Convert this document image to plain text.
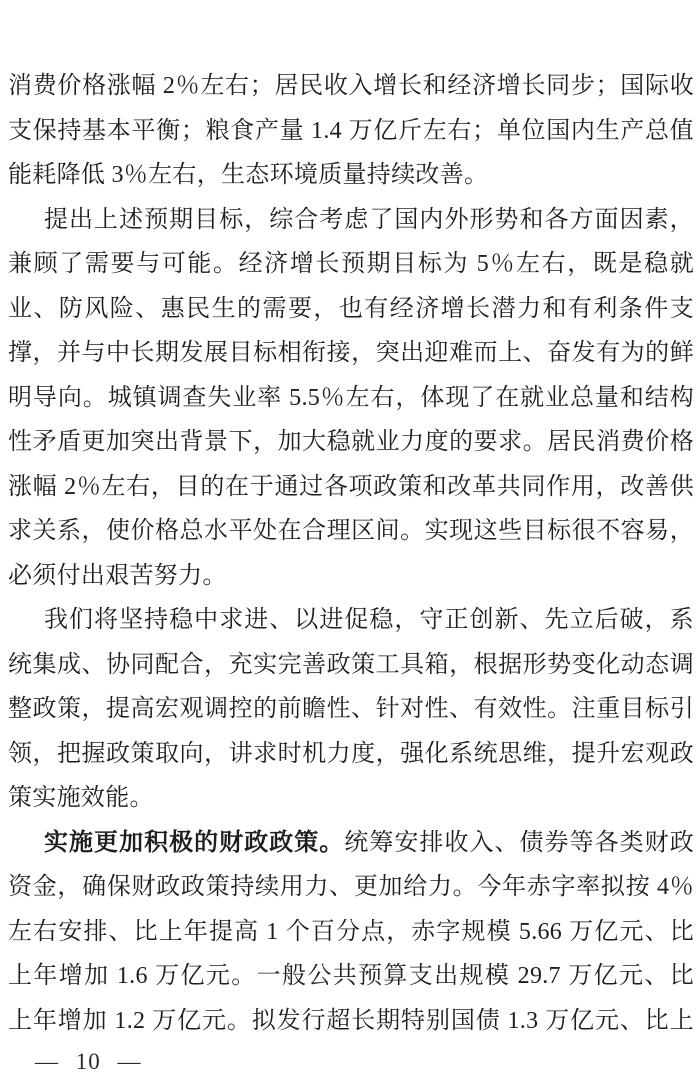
消费价格涨幅 2％左右；居民收入增长和经济增长同步；国际收
支保持基本平衡；粮食产量 1.4 万亿斤左右；单位国内生产总值
能耗降低 3％左右，生态环境质量持续改善。
提出上述预期目标，综合考虑了国内外形势和各方面因素，
兼顾了需要与可能。经济增长预期目标为 5％左右，既是稳就
业、防风险、惠民生的需要，也有经济增长潜力和有利条件支
撑，并与中长期发展目标相衔接，突出迎难而上、奋发有为的鲜
明导向。城镇调查失业率 5.5％左右，体现了在就业总量和结构
性矛盾更加突出背景下，加大稳就业力度的要求。居民消费价格
涨幅 2％左右，目的在于通过各项政策和改革共同作用，改善供
求关系，使价格总水平处在合理区间。实现这些目标很不容易，
必须付出艰苦努力。
我们将坚持稳中求进、以进促稳，守正创新、先立后破，系
统集成、协同配合，充实完善政策工具箱，根据形势变化动态调
整政策，提高宏观调控的前瞻性、针对性、有效性。注重目标引
领，把握政策取向，讲求时机力度，强化系统思维，提升宏观政
策实施效能。
实施更加积极的财政政策。统筹安排收入、债券等各类财政
资金，确保财政政策持续用力、更加给力。今年赤字率拟按 4％
左右安排、比上年提高 1 个百分点，赤字规模 5.66 万亿元、比
上年增加 1.6 万亿元。一般公共预算支出规模 29.7 万亿元、比
上年增加 1.2 万亿元。拟发行超长期特别国债 1.3 万亿元、比上
— 10 —
